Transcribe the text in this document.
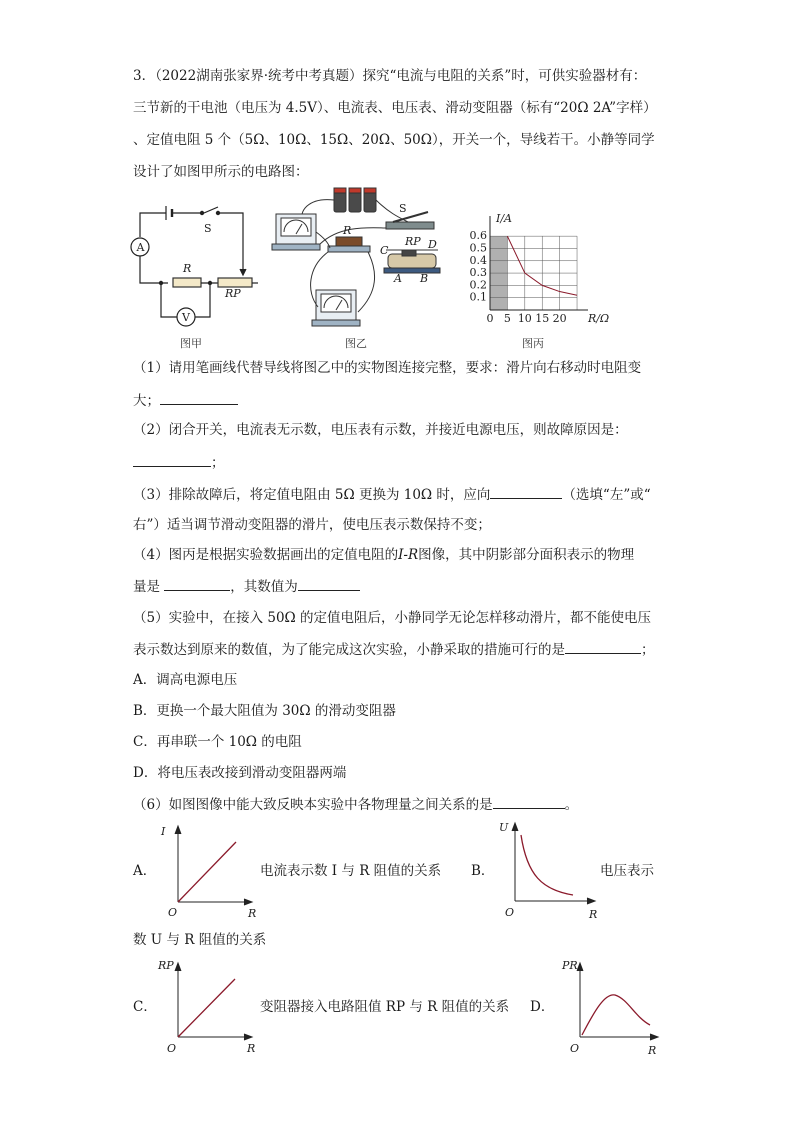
3．（2022湖南张家界·统考中考真题）探究“电流与电阻的关系”时，可供实验器材有：
三节新的干电池（电压为 4.5V）、电流表、电压表、滑动变阻器（标有“20Ω 2A”字样）
、定值电阻 5 个（5Ω、10Ω、15Ω、20Ω、50Ω），开关一个，导线若干。小静等同学
设计了如图甲所示的电路图：
A
V
S
R
RP
图甲
S
R
C
RP D
A B
图乙
0.1
0.2
0.3
0.4
0.5
0.6
0 5 10 15 20
I/A
R/Ω
图丙
（1）请用笔画线代替导线将图乙中的实物图连接完整，要求：滑片向右移动时电阻变
大；
（2）闭合开关，电流表无示数，电压表有示数，并接近电源电压，则故障原因是：
；
（3）排除故障后，将定值电阻由 5Ω 更换为 10Ω 时，应向	（选填“左”或“
右”）适当调节滑动变阻器的滑片，使电压表示数保持不变；
（4）图丙是根据实验数据画出的定值电阻的I-R图像，其中阴影部分面积表示的物理
量是	，其数值为
（5）实验中，在接入 50Ω 的定值电阻后，小静同学无论怎样移动滑片，都不能使电压
表示数达到原来的数值，为了能完成这次实验，小静采取的措施可行的是	；
A．调高电源电压
B．更换一个最大阻值为 30Ω 的滑动变阻器
C．再串联一个 10Ω 的电阻
D．将电压表改接到滑动变阻器两端
（6）如图图像中能大致反映本实验中各物理量之间关系的是	。
A．
I
R
O
电流表示数 I 与 R 阻值的关系 B．
U
R
O
电压表示
数 U 与 R 阻值的关系
C．
RP
R
O
变阻器接入电路阻值 RP 与 R 阻值的关系 D．
PR
R
O
